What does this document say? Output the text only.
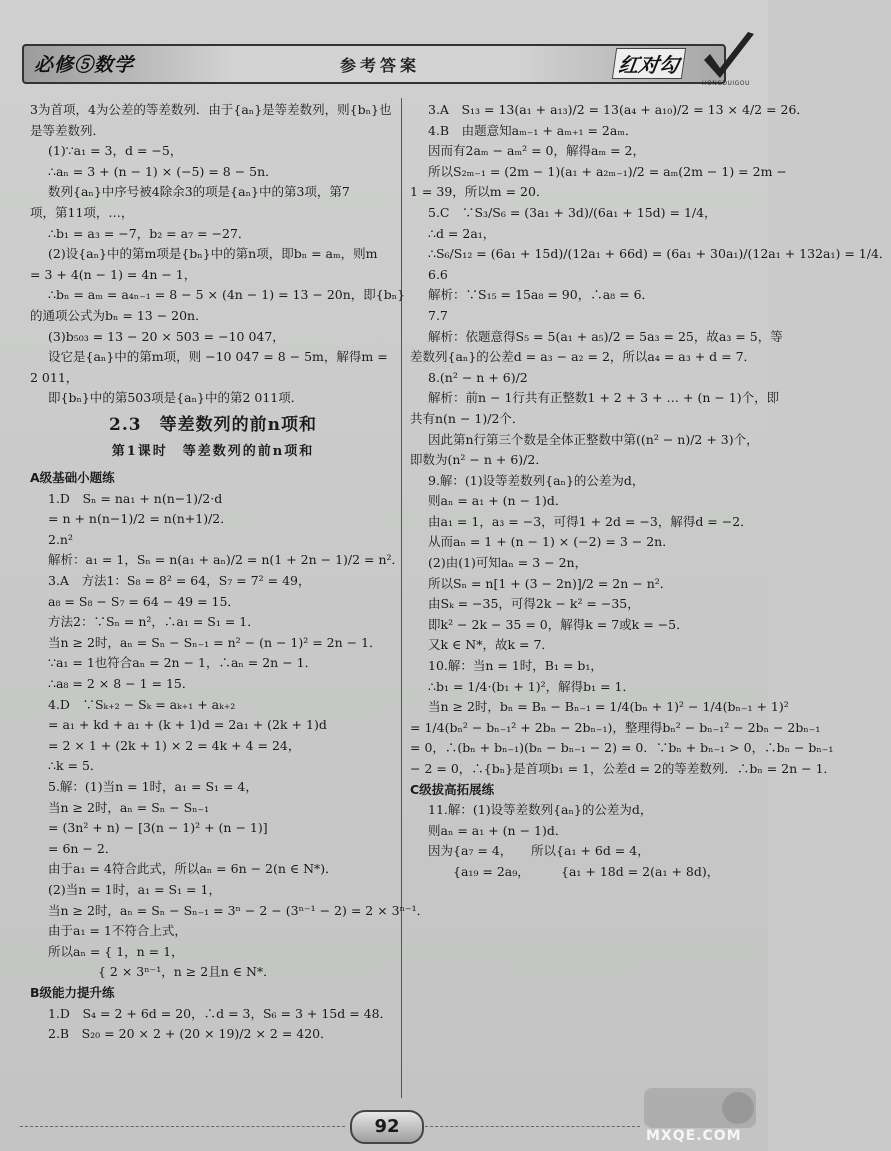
必修⑤数学	参考答案	红对勾
HONGDUIGOU
3为首项，4为公差的等差数列．由于{aₙ}是等差数列，则{bₙ}也
是等差数列．
(1)∵a₁ = 3，d = −5，
∴aₙ = 3 + (n − 1) × (−5) = 8 − 5n．
数列{aₙ}中序号被4除余3的项是{aₙ}中的第3项，第7
项，第11项，…，
∴b₁ = a₃ = −7，b₂ = a₇ = −27．
(2)设{aₙ}中的第m项是{bₙ}中的第n项，即bₙ = aₘ，则m
= 3 + 4(n − 1) = 4n − 1，
∴bₙ = aₘ = a₄ₙ₋₁ = 8 − 5 × (4n − 1) = 13 − 20n，即{bₙ}
的通项公式为bₙ = 13 − 20n．
(3)b₅₀₃ = 13 − 20 × 503 = −10 047，
设它是{aₙ}中的第m项，则 −10 047 = 8 − 5m，解得m =
2 011，
即{bₙ}中的第503项是{aₙ}中的第2 011项．
2.3　等差数列的前n项和
第1课时　等差数列的前n项和
A级基础小题练
1.D　Sₙ = na₁ + n(n−1)/2·d
= n + n(n−1)/2 = n(n+1)/2．
2.n²
解析：a₁ = 1，Sₙ = n(a₁ + aₙ)/2 = n(1 + 2n − 1)/2 = n²．
3.A　方法1：S₈ = 8² = 64，S₇ = 7² = 49，
a₈ = S₈ − S₇ = 64 − 49 = 15．
方法2：∵Sₙ = n²，∴a₁ = S₁ = 1．
当n ≥ 2时，aₙ = Sₙ − Sₙ₋₁ = n² − (n − 1)² = 2n − 1．
∵a₁ = 1也符合aₙ = 2n − 1，∴aₙ = 2n − 1．
∴a₈ = 2 × 8 − 1 = 15．
4.D　∵Sₖ₊₂ − Sₖ = aₖ₊₁ + aₖ₊₂
= a₁ + kd + a₁ + (k + 1)d = 2a₁ + (2k + 1)d
= 2 × 1 + (2k + 1) × 2 = 4k + 4 = 24，
∴k = 5．
5.解：(1)当n = 1时，a₁ = S₁ = 4，
当n ≥ 2时，aₙ = Sₙ − Sₙ₋₁
= (3n² + n) − [3(n − 1)² + (n − 1)]
= 6n − 2．
由于a₁ = 4符合此式，所以aₙ = 6n − 2(n ∈ N*)．
(2)当n = 1时，a₁ = S₁ = 1，
当n ≥ 2时，aₙ = Sₙ − Sₙ₋₁ = 3ⁿ − 2 − (3ⁿ⁻¹ − 2) = 2 × 3ⁿ⁻¹．
由于a₁ = 1不符合上式，
所以aₙ = { 1，n = 1，
　　　　{ 2 × 3ⁿ⁻¹，n ≥ 2且n ∈ N*．
B级能力提升练
1.D　S₄ = 2 + 6d = 20，∴d = 3，S₆ = 3 + 15d = 48．
2.B　S₂₀ = 20 × 2 + (20 × 19)/2 × 2 = 420．
3.A　S₁₃ = 13(a₁ + a₁₃)/2 = 13(a₄ + a₁₀)/2 = 13 × 4/2 = 26．
4.B　由题意知aₘ₋₁ + aₘ₊₁ = 2aₘ．
因而有2aₘ − aₘ² = 0，解得aₘ = 2，
所以S₂ₘ₋₁ = (2m − 1)(a₁ + a₂ₘ₋₁)/2 = aₘ(2m − 1) = 2m −
1 = 39，所以m = 20．
5.C　∵S₃/S₆ = (3a₁ + 3d)/(6a₁ + 15d) = 1/4，
∴d = 2a₁，
∴S₆/S₁₂ = (6a₁ + 15d)/(12a₁ + 66d) = (6a₁ + 30a₁)/(12a₁ + 132a₁) = 1/4．
6.6
解析：∵S₁₅ = 15a₈ = 90，∴a₈ = 6．
7.7
解析：依题意得S₅ = 5(a₁ + a₅)/2 = 5a₃ = 25，故a₃ = 5，等
差数列{aₙ}的公差d = a₃ − a₂ = 2，所以a₄ = a₃ + d = 7．
8.(n² − n + 6)/2
解析：前n − 1行共有正整数1 + 2 + 3 + … + (n − 1)个，即
共有n(n − 1)/2个．
因此第n行第三个数是全体正整数中第((n² − n)/2 + 3)个，
即数为(n² − n + 6)/2．
9.解：(1)设等差数列{aₙ}的公差为d，
则aₙ = a₁ + (n − 1)d．
由a₁ = 1，a₃ = −3，可得1 + 2d = −3，解得d = −2．
从而aₙ = 1 + (n − 1) × (−2) = 3 − 2n．
(2)由(1)可知aₙ = 3 − 2n，
所以Sₙ = n[1 + (3 − 2n)]/2 = 2n − n²．
由Sₖ = −35，可得2k − k² = −35，
即k² − 2k − 35 = 0，解得k = 7或k = −5．
又k ∈ N*，故k = 7．
10.解：当n = 1时，B₁ = b₁，
∴b₁ = 1/4·(b₁ + 1)²，解得b₁ = 1．
当n ≥ 2时，bₙ = Bₙ − Bₙ₋₁ = 1/4(bₙ + 1)² − 1/4(bₙ₋₁ + 1)²
= 1/4(bₙ² − bₙ₋₁² + 2bₙ − 2bₙ₋₁)，整理得bₙ² − bₙ₋₁² − 2bₙ − 2bₙ₋₁
= 0，∴(bₙ + bₙ₋₁)(bₙ − bₙ₋₁ − 2) = 0．∵bₙ + bₙ₋₁ > 0，∴bₙ − bₙ₋₁
− 2 = 0，∴{bₙ}是首项b₁ = 1，公差d = 2的等差数列．∴bₙ = 2n − 1．
C级拔高拓展练
11.解：(1)设等差数列{aₙ}的公差为d，
则aₙ = a₁ + (n − 1)d．
因为{a₇ = 4，　　所以{a₁ + 6d = 4，
　　{a₁₉ = 2a₉，　　　{a₁ + 18d = 2(a₁ + 8d)，
92	MXQE.COM
